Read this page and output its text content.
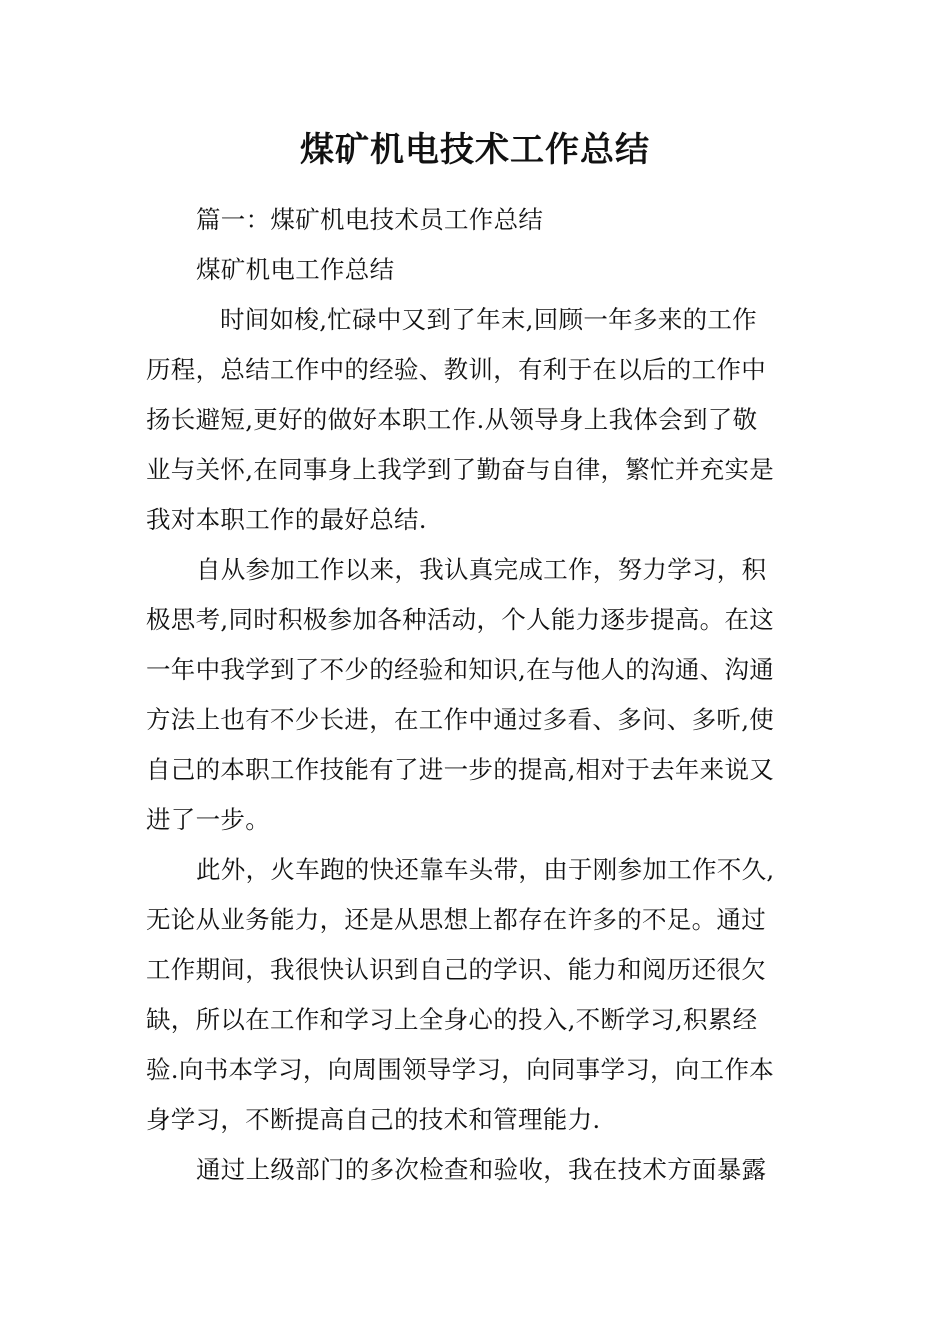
煤矿机电技术工作总结
篇一：煤矿机电技术员工作总结
煤矿机电工作总结
时间如梭,忙碌中又到了年末,回顾一年多来的工作
历程，总结工作中的经验、教训，有利于在以后的工作中
扬长避短,更好的做好本职工作.从领导身上我体会到了敬
业与关怀,在同事身上我学到了勤奋与自律，繁忙并充实是
我对本职工作的最好总结.
自从参加工作以来，我认真完成工作，努力学习，积
极思考,同时积极参加各种活动，个人能力逐步提高。在这
一年中我学到了不少的经验和知识,在与他人的沟通、沟通
方法上也有不少长进，在工作中通过多看、多问、多听,使
自己的本职工作技能有了进一步的提高,相对于去年来说又
进了一步。
此外，火车跑的快还靠车头带，由于刚参加工作不久,
无论从业务能力，还是从思想上都存在许多的不足。通过
工作期间，我很快认识到自己的学识、能力和阅历还很欠
缺，所以在工作和学习上全身心的投入,不断学习,积累经
验.向书本学习，向周围领导学习，向同事学习，向工作本
身学习，不断提高自己的技术和管理能力.
通过上级部门的多次检查和验收，我在技术方面暴露
